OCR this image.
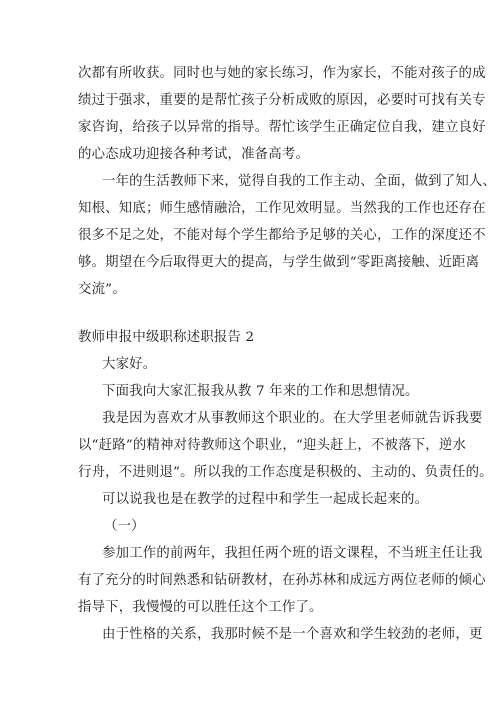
次都有所收获。同时也与她的家长练习，作为家长，不能对孩子的成
绩过于强求，重要的是帮忙孩子分析成败的原因，必要时可找有关专
家咨询，给孩子以异常的指导。帮忙该学生正确定位自我，建立良好
的心态成功迎接各种考试，准备高考。
一年的生活教师下来，觉得自我的工作主动、全面，做到了知人、
知根、知底；师生感情融洽，工作见效明显。当然我的工作也还存在
很多不足之处，不能对每个学生都给予足够的关心，工作的深度还不
够。期望在今后取得更大的提高，与学生做到“零距离接触、近距离
交流”。
教师申报中级职称述职报告 2
大家好。
下面我向大家汇报我从教 7 年来的工作和思想情况。
我是因为喜欢才从事教师这个职业的。在大学里老师就告诉我要
以“赶路”的精神对待教师这个职业，“迎头赶上，不被落下，逆水
行舟，不进则退”。所以我的工作态度是积极的、主动的、负责任的。
可以说我也是在教学的过程中和学生一起成长起来的。
（一）
参加工作的前两年，我担任两个班的语文课程，不当班主任让我
有了充分的时间熟悉和钻研教材，在孙苏林和成远方两位老师的倾心
指导下，我慢慢的可以胜任这个工作了。
由于性格的关系，我那时候不是一个喜欢和学生较劲的老师，更
